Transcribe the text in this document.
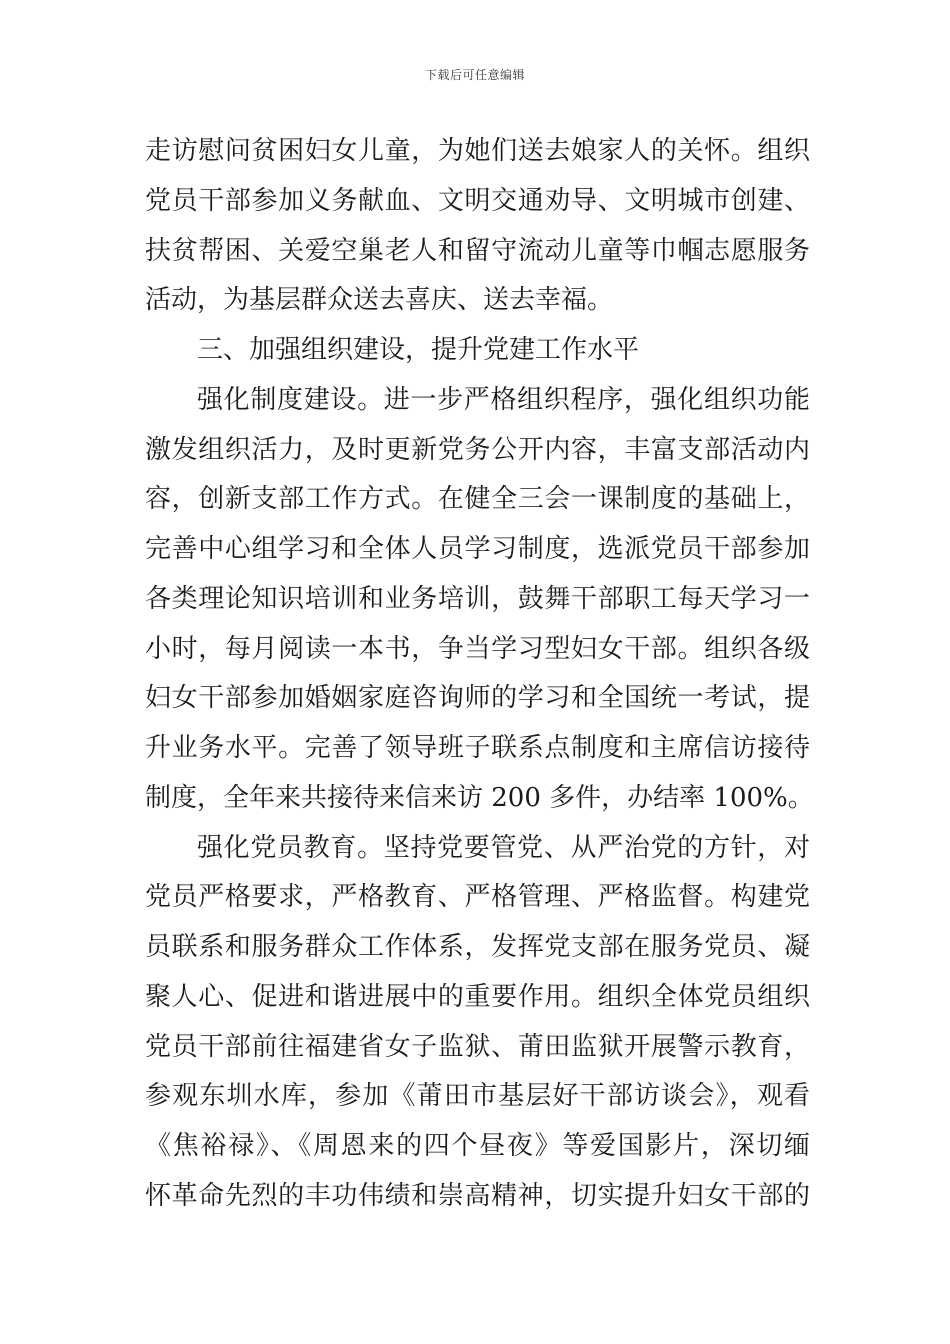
下载后可任意编辑
走访慰问贫困妇女儿童，为她们送去娘家人的关怀。组织
党员干部参加义务献血、文明交通劝导、文明城市创建、
扶贫帮困、关爱空巢老人和留守流动儿童等巾帼志愿服务
活动，为基层群众送去喜庆、送去幸福。
三、加强组织建设，提升党建工作水平
强化制度建设。进一步严格组织程序，强化组织功能
激发组织活力，及时更新党务公开内容，丰富支部活动内
容，创新支部工作方式。在健全三会一课制度的基础上，
完善中心组学习和全体人员学习制度，选派党员干部参加
各类理论知识培训和业务培训，鼓舞干部职工每天学习一
小时，每月阅读一本书，争当学习型妇女干部。组织各级
妇女干部参加婚姻家庭咨询师的学习和全国统一考试，提
升业务水平。完善了领导班子联系点制度和主席信访接待
制度，全年来共接待来信来访 200 多件，办结率 100%。
强化党员教育。坚持党要管党、从严治党的方针，对
党员严格要求，严格教育、严格管理、严格监督。构建党
员联系和服务群众工作体系，发挥党支部在服务党员、凝
聚人心、促进和谐进展中的重要作用。组织全体党员组织
党员干部前往福建省女子监狱、莆田监狱开展警示教育，
参观东圳水库，参加《莆田市基层好干部访谈会》，观看
《焦裕禄》、《周恩来的四个昼夜》等爱国影片，深切缅
怀革命先烈的丰功伟绩和崇高精神，切实提升妇女干部的
